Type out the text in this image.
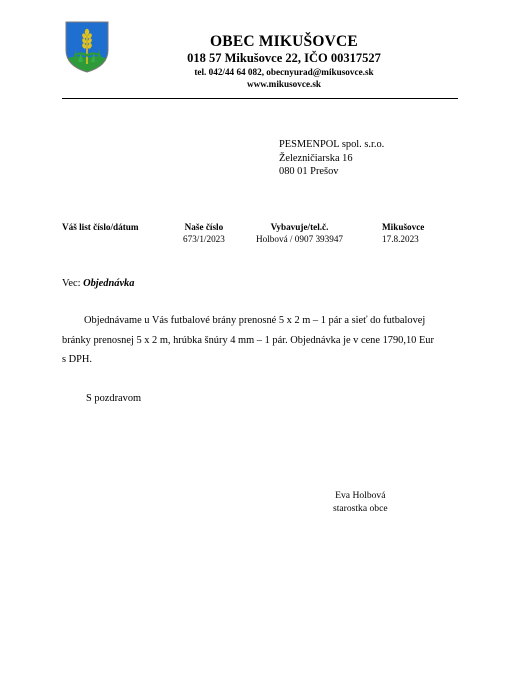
OBEC MIKUŠOVCE
018 57 Mikušovce 22, IČO 00317527
tel. 042/44 64 082, obecnyurad@mikusovce.sk
www.mikusovce.sk
PESMENPOL spol. s.r.o.
Železničiarska 16
080 01 Prešov
Váš list číslo/dátum	Naše číslo
673/1/2023
Vybavuje/tel.č.
Holbová / 0907 393947
Mikušovce
17.8.2023
Vec: Objednávka
Objednávame u Vás futbalové brány prenosné 5 x 2 m – 1 pár a sieť do futbalovej
bránky prenosnej 5 x 2 m, hrúbka šnúry 4 mm – 1 pár. Objednávka je v cene 1790,10 Eur
s DPH.
S pozdravom
Eva Holbová
starostka obce
